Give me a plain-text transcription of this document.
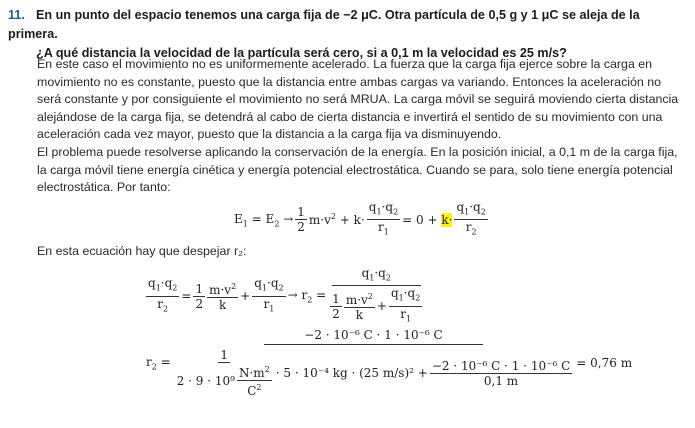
11. En un punto del espacio tenemos una carga fija de −2 μC. Otra partícula de 0,5 g y 1 μC se aleja de la primera.
¿A qué distancia la velocidad de la partícula será cero, si a 0,1 m la velocidad es 25 m/s?
En este caso el movimiento no es uniformemente acelerado. La fuerza que la carga fija ejerce sobre la carga en movimiento no es constante, puesto que la distancia entre ambas cargas va variando. Entonces la aceleración no será constante y por consiguiente el movimiento no será MRUA. La carga móvil se seguirá moviendo cierta distancia alejándose de la carga fija, se detendrá al cabo de cierta distancia e invertirá el sentido de su movimiento con una aceleración cada vez mayor, puesto que la distancia a la carga fija va disminuyendo.
El problema puede resolverse aplicando la conservación de la energía. En la posición inicial, a 0,1 m de la carga fija, la carga móvil tiene energía cinética y energía potencial electrostática. Cuando se para, solo tiene energía potencial electrostática. Por tanto:
$E_1 = E_2 \to \frac{1}{2} m\cdot v^2 + k\cdot \frac{q_1\cdot q_2}{r_1} = 0 + k\cdot \frac{q_1\cdot q_2}{r_2}$
En esta ecuación hay que despejar r₂:
$\frac{q_1\cdot q_2}{r_2} = \frac{1}{2} \frac{m\cdot v^2}{k} + \frac{q_1\cdot q_2}{r_1} \to r_2 = \frac{q_1\cdot q_2}{\frac{1}{2} \frac{m\cdot v^2}{k} + \frac{q_1\cdot q_2}{r_1}}$
$r_2$ =
−2 · 10⁻⁶ C · 1 · 10⁻⁶ C
$\frac{1}{2 \cdot 9 \cdot 10^9 \frac{N\cdot m^2}{C^2}} \cdot 5 \cdot 10^{-4}$ kg · (25 $m/s)^2 + \frac{\text{−2 · 10⁻⁶ C · 1 · 10⁻⁶ C}}{0,1 m} = 0,76$ m
